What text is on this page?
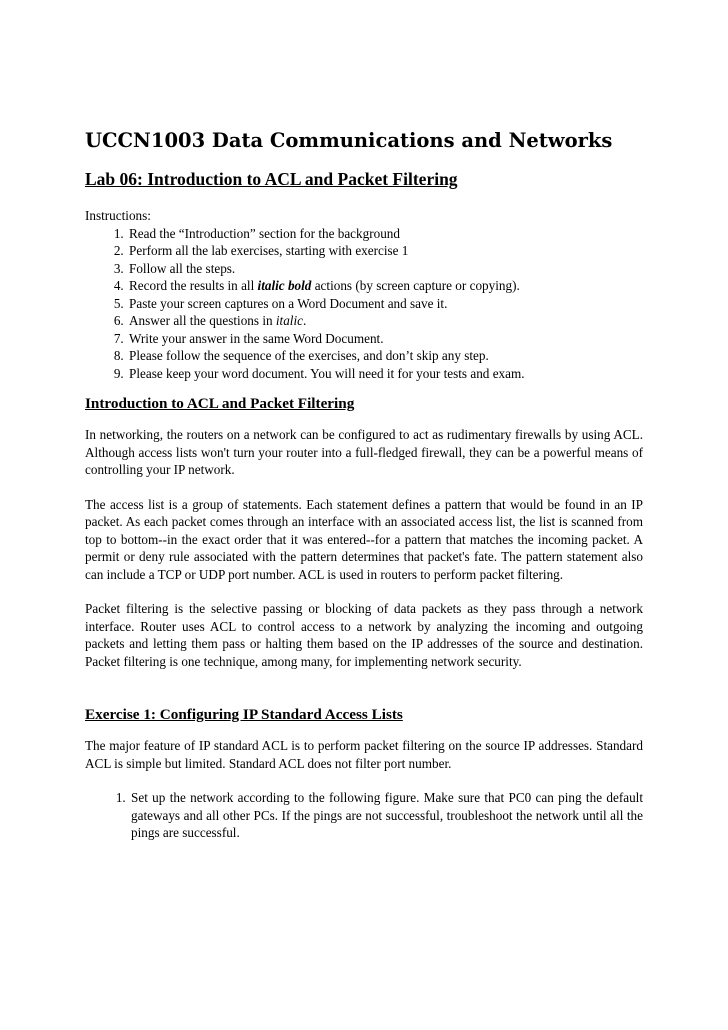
UCCN1003 Data Communications and Networks
Lab 06: Introduction to ACL and Packet Filtering
Instructions:
1. Read the “Introduction” section for the background
2. Perform all the lab exercises, starting with exercise 1
3. Follow all the steps.
4. Record the results in all italic bold actions (by screen capture or copying).
5. Paste your screen captures on a Word Document and save it.
6. Answer all the questions in italic.
7. Write your answer in the same Word Document.
8. Please follow the sequence of the exercises, and don’t skip any step.
9. Please keep your word document. You will need it for your tests and exam.
Introduction to ACL and Packet Filtering

In networking, the routers on a network can be configured to act as rudimentary firewalls by using ACL. Although access lists won't turn your router into a full-fledged firewall, they can be a powerful means of controlling your IP network.

The access list is a group of statements. Each statement defines a pattern that would be found in an IP packet. As each packet comes through an interface with an associated access list, the list is scanned from top to bottom--in the exact order that it was entered--for a pattern that matches the incoming packet. A permit or deny rule associated with the pattern determines that packet's fate. The pattern statement also can include a TCP or UDP port number. ACL is used in routers to perform packet filtering.

Packet filtering is the selective passing or blocking of data packets as they pass through a network interface. Router uses ACL to control access to a network by analyzing the incoming and outgoing packets and letting them pass or halting them based on the IP addresses of the source and destination. Packet filtering is one technique, among many, for implementing network security.

Exercise 1: Configuring IP Standard Access Lists

The major feature of IP standard ACL is to perform packet filtering on the source IP addresses. Standard ACL is simple but limited. Standard ACL does not filter port number.

1. Set up the network according to the following figure. Make sure that PC0 can ping the default gateways and all other PCs. If the pings are not successful, troubleshoot the network until all the pings are successful.
